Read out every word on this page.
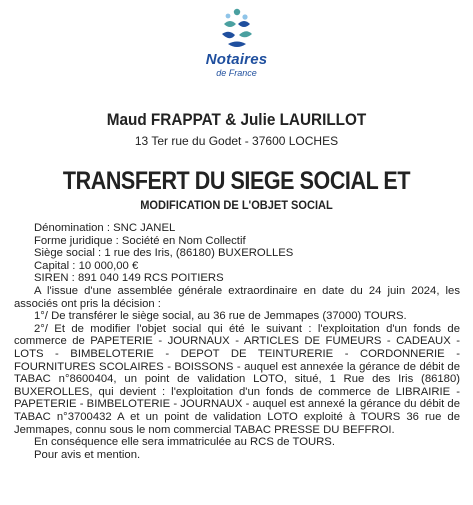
Notaires
de France
Maud FRAPPAT & Julie LAURILLOT
13 Ter rue du Godet - 37600 LOCHES
TRANSFERT DU SIEGE SOCIAL ET
MODIFICATION DE L'OBJET SOCIAL

Dénomination : SNC JANEL

Forme juridique : Société en Nom Collectif

Siège social : 1 rue des Iris, (86180) BUXEROLLES

Capital : 10 000,00 €

SIREN : 891 040 149 RCS POITIERS

A l'issue d'une assemblée générale extraordinaire en date du 24 juin 2024, les associés ont pris la décision :

1°/ De transférer le siège social, au 36 rue de Jemmapes (37000) TOURS.

2°/ Et de modifier l'objet social qui été le suivant : l'exploitation d'un fonds de commerce de PAPETERIE - JOURNAUX - ARTICLES DE FUMEURS - CADEAUX - LOTS - BIMBELOTERIE - DEPOT DE TEINTURERIE - CORDONNERIE - FOURNITURES SCOLAIRES - BOISSONS - auquel est annexée la gérance de débit de TABAC n°8600404, un point de validation LOTO, situé, 1 Rue des Iris (86180) BUXEROLLES, qui devient : l'exploitation d'un fonds de commerce de LIBRAIRIE - PAPETERIE - BIMBELOTERIE - JOURNAUX - auquel est annexé la gérance du débit de TABAC n°3700432 A et un point de validation LOTO exploité à TOURS 36 rue de Jemmapes, connu sous le nom commercial TABAC PRESSE DU BEFFROI.

En conséquence elle sera immatriculée au RCS de TOURS.

Pour avis et mention.
